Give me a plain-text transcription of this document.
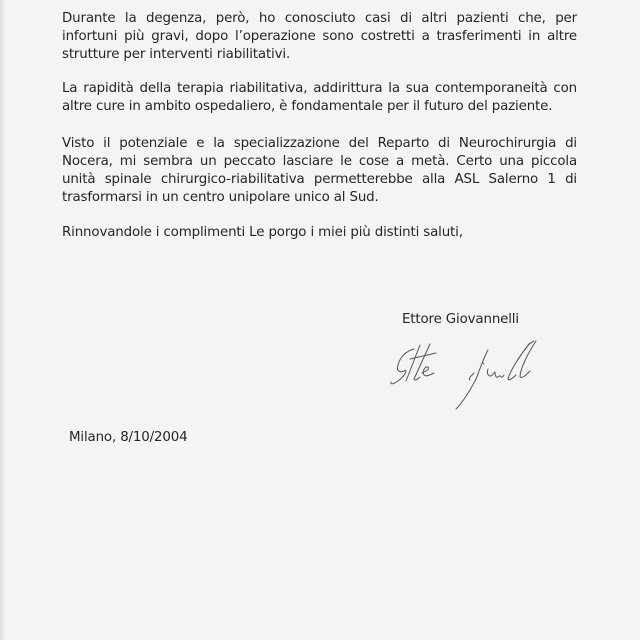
Durante la degenza, però, ho conosciuto casi di altri pazienti che, per
infortuni più gravi, dopo l’operazione sono costretti a trasferimenti in altre
strutture per interventi riabilitativi.
La rapidità della terapia riabilitativa, addirittura la sua contemporaneità con
altre cure in ambito ospedaliero, è fondamentale per il futuro del paziente.
Visto il potenziale e la specializzazione del Reparto di Neurochirurgia di
Nocera, mi sembra un peccato lasciare le cose a metà. Certo una piccola
unità spinale chirurgico-riabilitativa permetterebbe alla ASL Salerno 1 di
trasformarsi in un centro unipolare unico al Sud.
Rinnovandole i complimenti Le porgo i miei più distinti saluti,
Ettore Giovannelli
Milano, 8/10/2004
